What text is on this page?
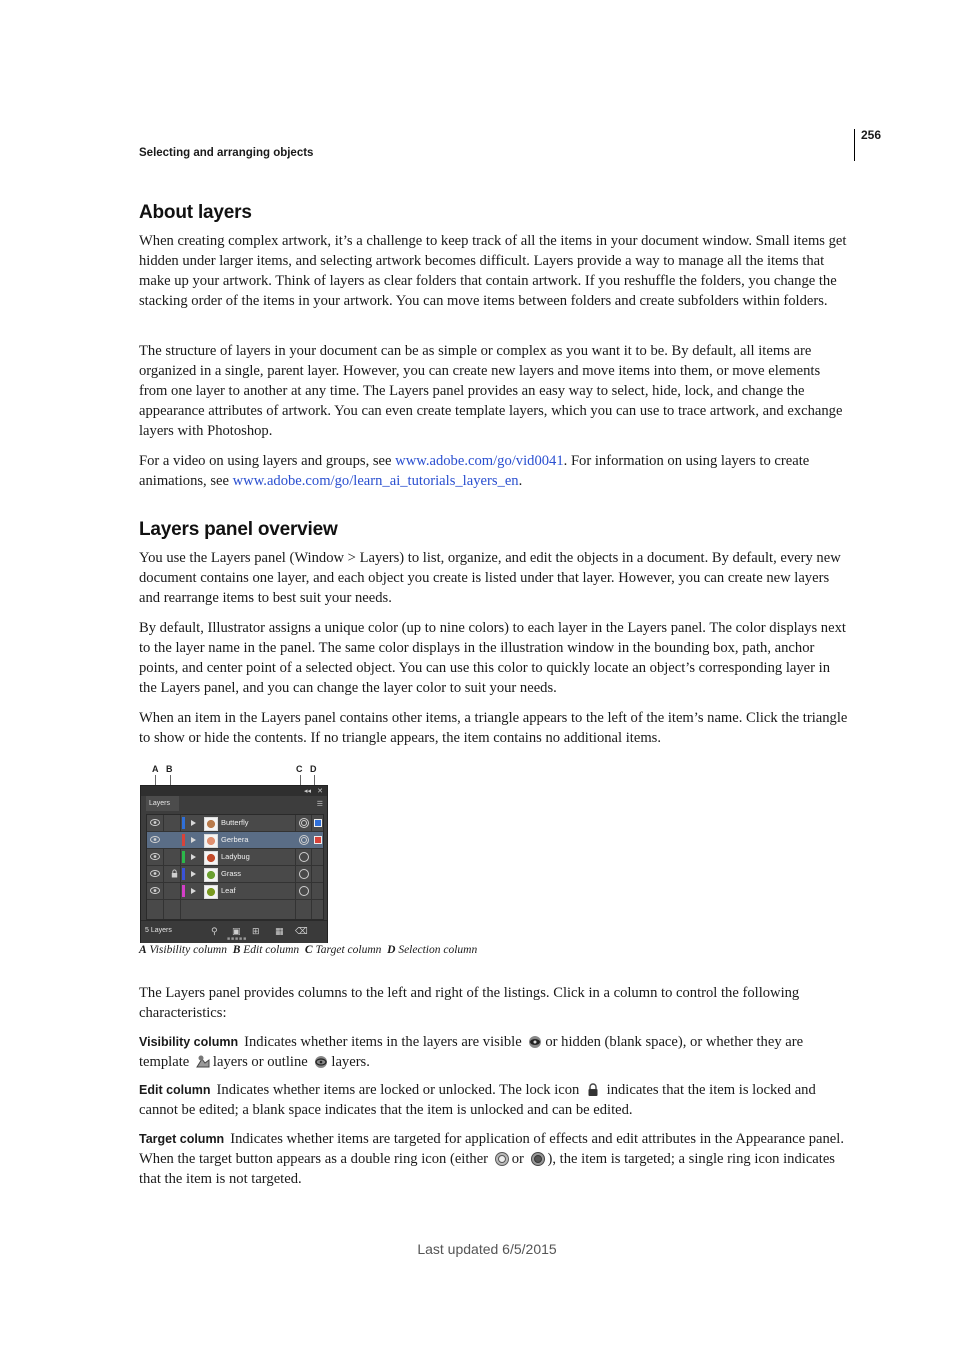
256
Selecting and arranging objects
About layers

When creating complex artwork, it’s a challenge to keep track of all the items in your document window. Small items get hidden under larger items, and selecting artwork becomes difficult. Layers provide a way to manage all the items that make up your artwork. Think of layers as clear folders that contain artwork. If you reshuffle the folders, you change the stacking order of the items in your artwork. You can move items between folders and create subfolders within folders.

The structure of layers in your document can be as simple or complex as you want it to be. By default, all items are organized in a single, parent layer. However, you can create new layers and move items into them, or move elements from one layer to another at any time. The Layers panel provides an easy way to select, hide, lock, and change the appearance attributes of artwork. You can even create template layers, which you can use to trace artwork, and exchange layers with Photoshop.

For a video on using layers and groups, see www.adobe.com/go/vid0041. For information on using layers to create animations, see www.adobe.com/go/learn_ai_tutorials_layers_en.

Layers panel overview

You use the Layers panel (Window > Layers) to list, organize, and edit the objects in a document. By default, every new document contains one layer, and each object you create is listed under that layer. However, you can create new layers and rearrange items to best suit your needs.

By default, Illustrator assigns a unique color (up to nine colors) to each layer in the Layers panel. The color displays next to the layer name in the panel. The same color displays in the illustration window in the bounding box, path, anchor points, and center point of a selected object. You can use this color to quickly locate an object’s corresponding layer in the Layers panel, and you can change the layer color to suit your needs.

When an item in the Layers panel contains other items, a triangle appears to the left of the item’s name. Click the triangle to show or hide the contents. If no triangle appears, the item contains no additional items.

A B	C D
◂◂ ✕
Layers	☰
Butterfly
Gerbera
Ladybug
Grass
Leaf
5 Layers	⚲ ▣ ⊞ ▦ ⌫
■■■■■
A Visibility column B Edit column C Target column D Selection column

The Layers panel provides columns to the left and right of the listings. Click in a column to control the following characteristics:

Visibility column Indicates whether items in the layers are visible or hidden (blank space), or whether they are template layers or outline layers.

Edit column Indicates whether items are locked or unlocked. The lock icon  indicates that the item is locked and cannot be edited; a blank space indicates that the item is unlocked and can be edited.

Target column Indicates whether items are targeted for application of effects and edit attributes in the Appearance panel. When the target button appears as a double ring icon (either or ), the item is targeted; a single ring icon indicates that the item is not targeted.

Last updated 6/5/2015
